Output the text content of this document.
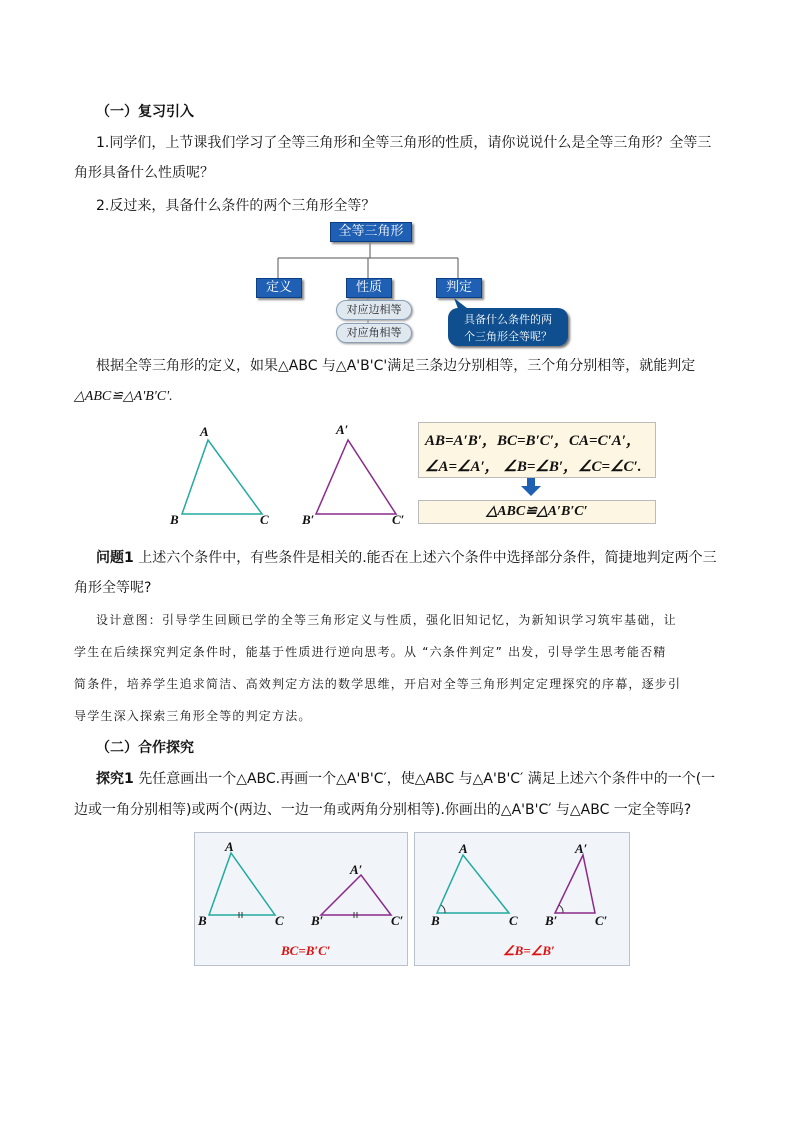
（一）复习引入
1.同学们，上节课我们学习了全等三角形和全等三角形的性质，请你说说什么是全等三角形？全等三
角形具备什么性质呢？
2.反过来，具备什么条件的两个三角形全等？
全等三角形
定义	性质	判定
对应边相等
对应角相等
具备什么条件的两
个三角形全等呢？
根据全等三角形的定义，如果△ABC 与△A'B'C'满足三条边分别相等，三个角分别相等，就能判定
△ABC≌△A'B'C'.
A
B	C
A′
B′	C′
AB=A′B′，BC=B′C′，CA=C′A′，
∠A=∠A′， ∠B=∠B′，∠C=∠C′.
△ABC≌△A′B′C′
问题1 上述六个条件中，有些条件是相关的.能否在上述六个条件中选择部分条件，简捷地判定两个三
角形全等呢?
设计意图：引导学生回顾已学的全等三角形定义与性质，强化旧知记忆，为新知识学习筑牢基础，让
学生在后续探究判定条件时，能基于性质进行逆向思考。从 “六条件判定” 出发，引导学生思考能否精
简条件，培养学生追求简洁、高效判定方法的数学思维，开启对全等三角形判定定理探究的序幕，逐步引
导学生深入探索三角形全等的判定方法。
（二）合作探究
探究1 先任意画出一个△ABC.再画一个△A'B'C′，使△ABC 与△A'B'C′ 满足上述六个条件中的一个(一
边或一角分别相等)或两个(两边、一边一角或两角分别相等).你画出的△A'B'C′ 与△ABC 一定全等吗?
A
B	C
A′
B′	C′
BC=B′C′
A
B	C
A′
B′	C′
∠B=∠B′
